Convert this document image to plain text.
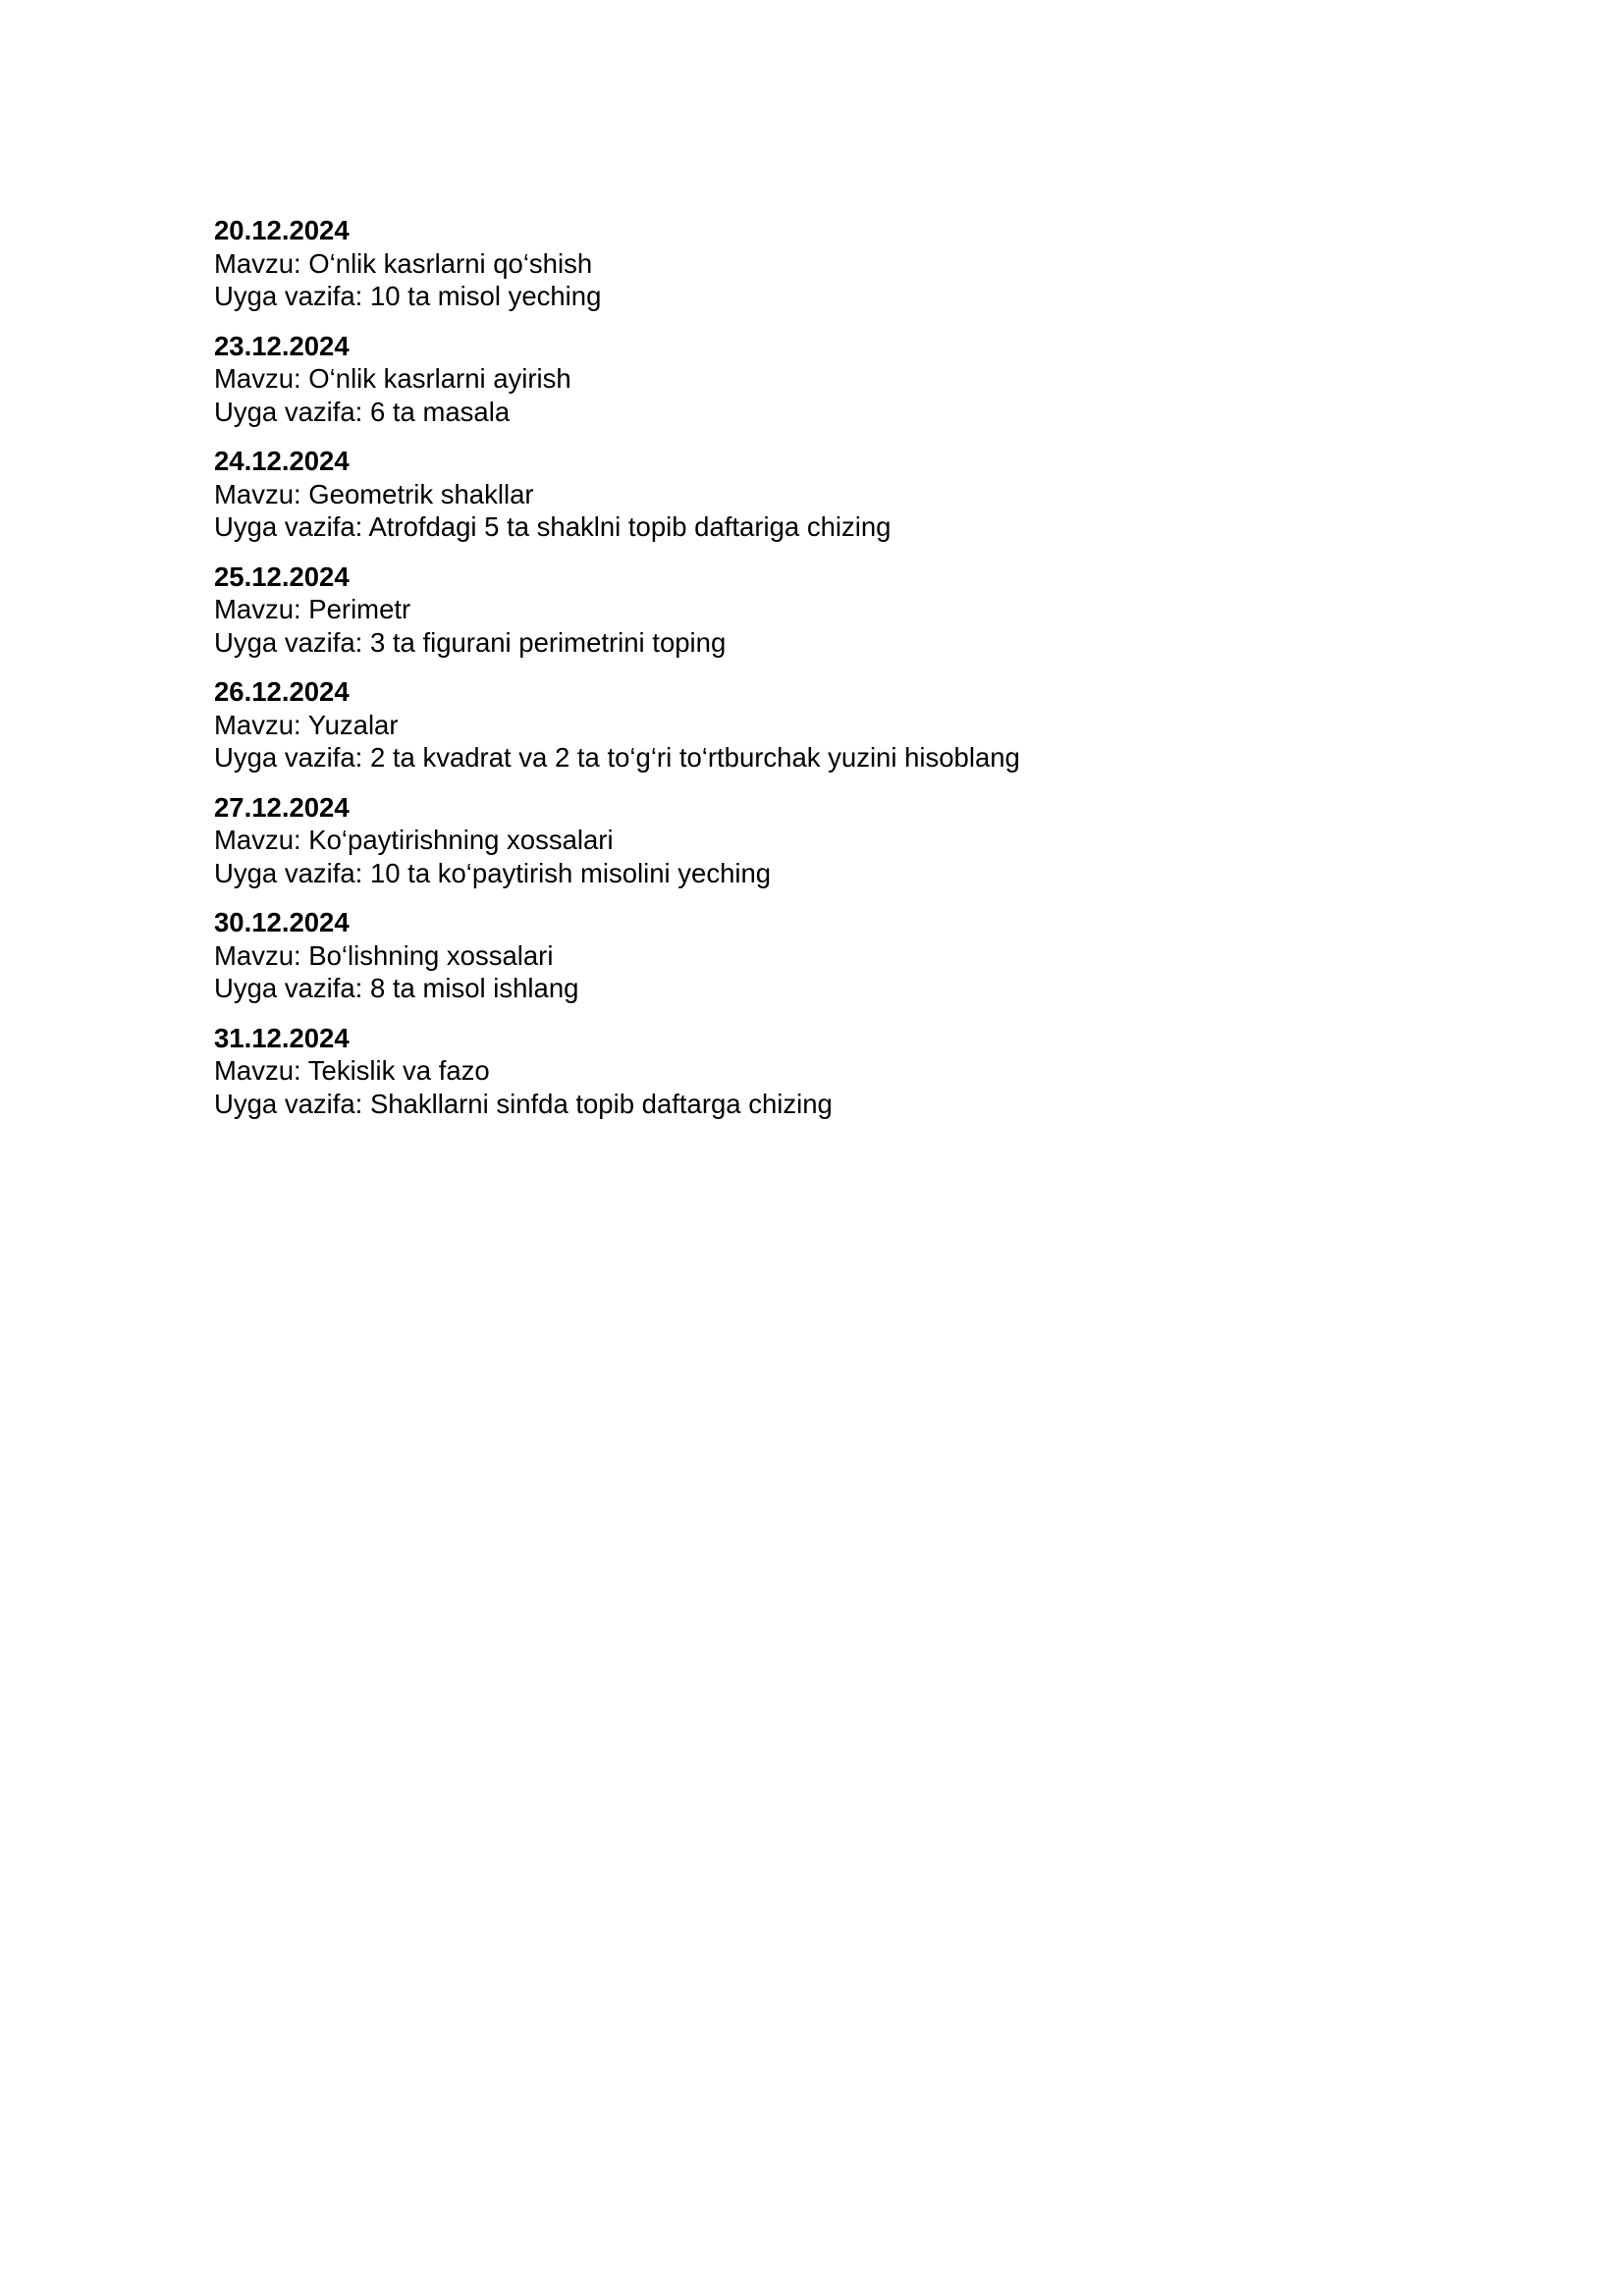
20.12.2024

Mavzu: O‘nlik kasrlarni qo‘shish

Uyga vazifa: 10 ta misol yeching

23.12.2024

Mavzu: O‘nlik kasrlarni ayirish

Uyga vazifa: 6 ta masala

24.12.2024

Mavzu: Geometrik shakllar

Uyga vazifa: Atrofdagi 5 ta shaklni topib daftariga chizing

25.12.2024

Mavzu: Perimetr

Uyga vazifa: 3 ta figurani perimetrini toping

26.12.2024

Mavzu: Yuzalar

Uyga vazifa: 2 ta kvadrat va 2 ta to‘g‘ri to‘rtburchak yuzini hisoblang

27.12.2024

Mavzu: Ko‘paytirishning xossalari

Uyga vazifa: 10 ta ko‘paytirish misolini yeching

30.12.2024

Mavzu: Bo‘lishning xossalari

Uyga vazifa: 8 ta misol ishlang

31.12.2024

Mavzu: Tekislik va fazo

Uyga vazifa: Shakllarni sinfda topib daftarga chizing
